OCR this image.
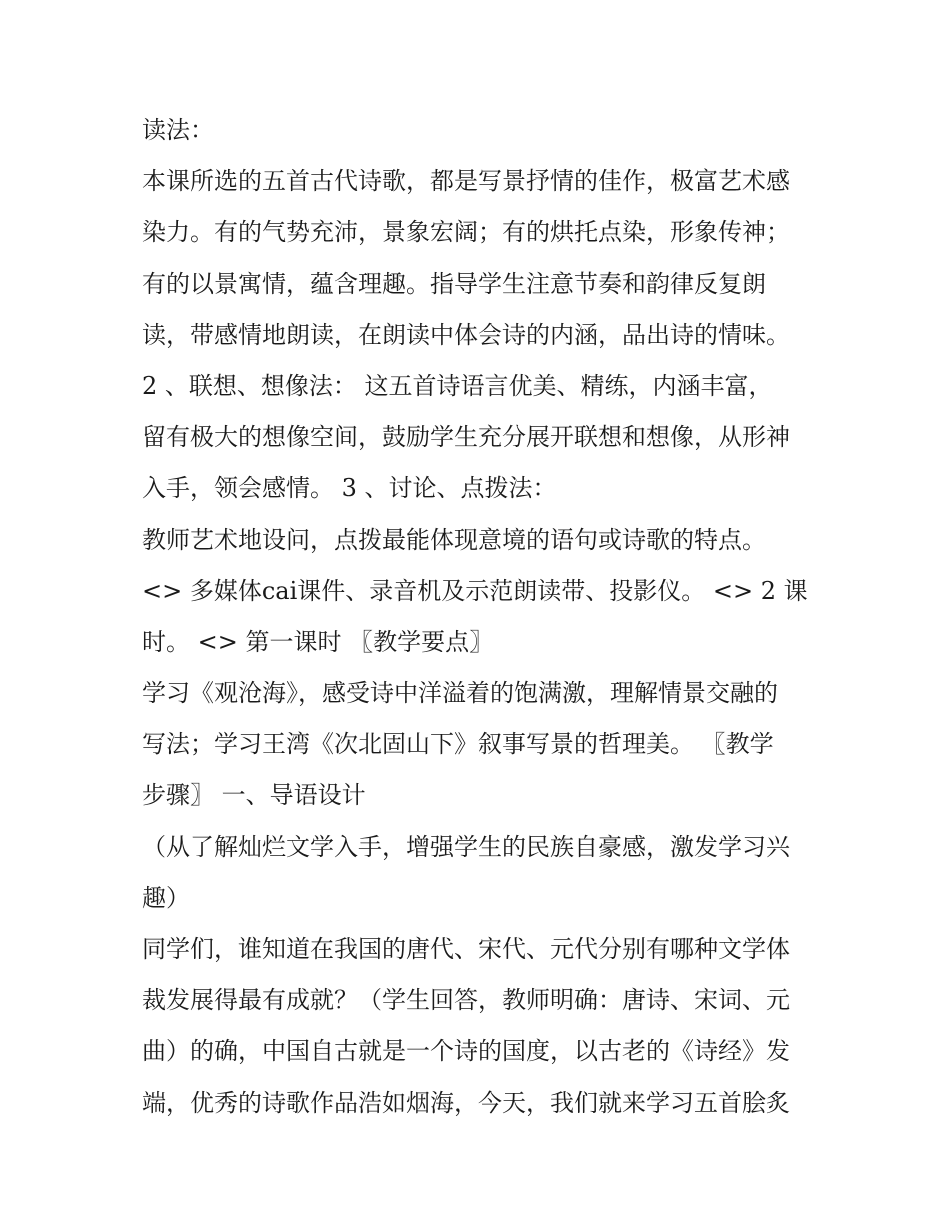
读法：
本课所选的五首古代诗歌，都是写景抒情的佳作，极富艺术感
染力。有的气势充沛，景象宏阔；有的烘托点染，形象传神；
有的以景寓情，蕴含理趣。指导学生注意节奏和韵律反复朗
读，带感情地朗读，在朗读中体会诗的内涵，品出诗的情味。
2 、联想、想像法： 这五首诗语言优美、精练，内涵丰富，
留有极大的想像空间，鼓励学生充分展开联想和想像，从形神
入手，领会感情。 3 、讨论、点拨法：
教师艺术地设问，点拨最能体现意境的语句或诗歌的特点。
<> 多媒体cai课件、录音机及示范朗读带、投影仪。 <> 2 课
时。 <> 第一课时 〖教学要点〗
学习《观沧海》，感受诗中洋溢着的饱满激，理解情景交融的
写法；学习王湾《次北固山下》叙事写景的哲理美。 〖教学
步骤〗 一、导语设计
（从了解灿烂文学入手，增强学生的民族自豪感，激发学习兴
趣）
同学们，谁知道在我国的唐代、宋代、元代分别有哪种文学体
裁发展得最有成就？（学生回答，教师明确：唐诗、宋词、元
曲）的确，中国自古就是一个诗的国度，以古老的《诗经》发
端，优秀的诗歌作品浩如烟海，今天，我们就来学习五首脍炙
